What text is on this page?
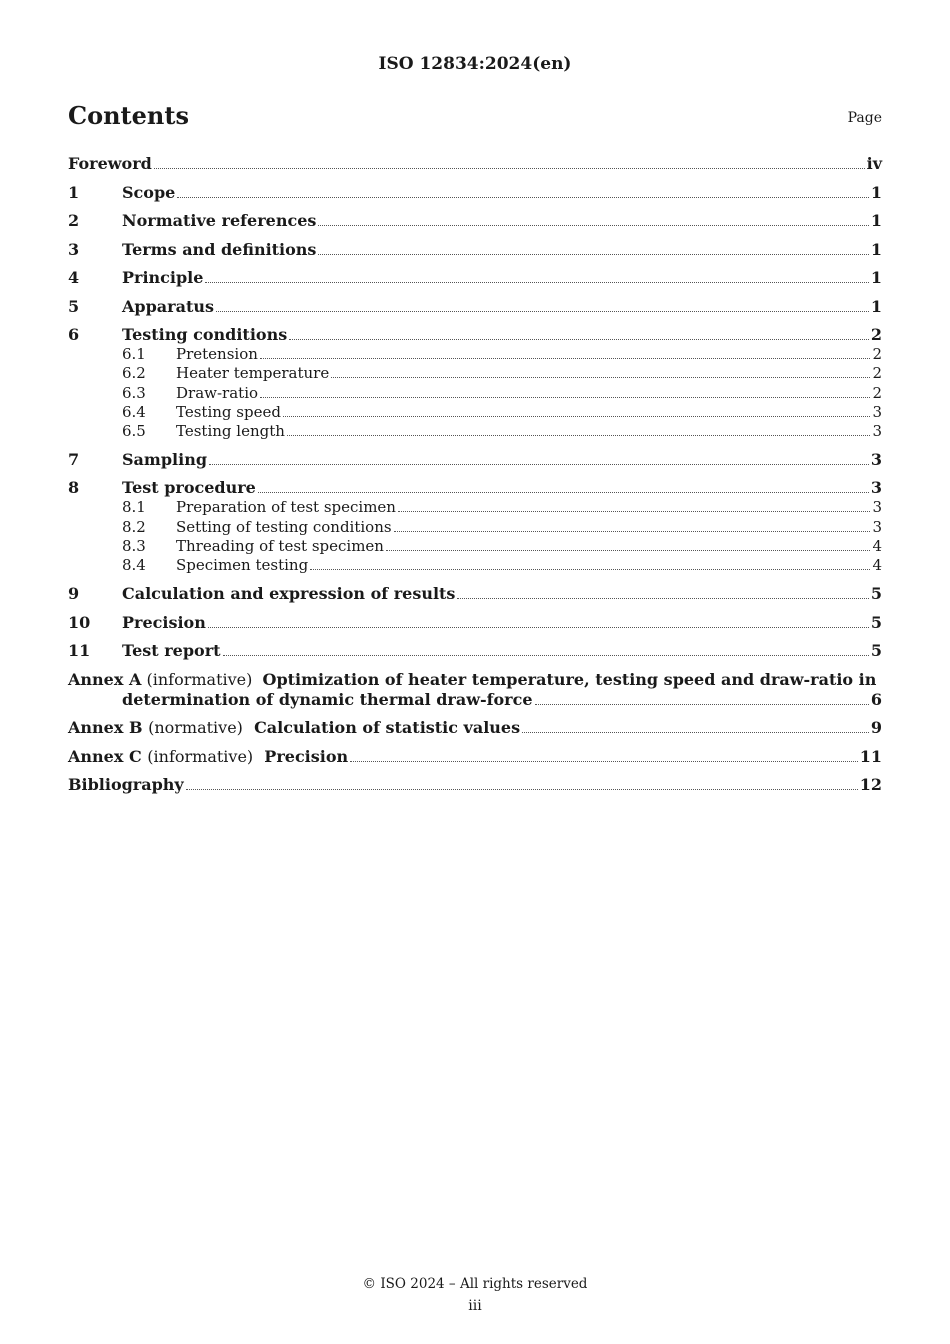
ISO 12834:2024(en)
Contents	Page
Foreword	iv
1	Scope	1
2	Normative references	1
3	Terms and definitions	1
4	Principle	1
5	Apparatus	1
6	Testing conditions	2
6.1	Pretension	2
6.2	Heater temperature	2
6.3	Draw-ratio	2
6.4	Testing speed	3
6.5	Testing length	3
7	Sampling	3
8	Test procedure	3
8.1	Preparation of test specimen	3
8.2	Setting of testing conditions	3
8.3	Threading of test specimen	4
8.4	Specimen testing	4
9	Calculation and expression of results	5
10	Precision	5
11	Test report	5
Annex A (informative) Optimization of heater temperature, testing speed and draw-ratio in
determination of dynamic thermal draw-force	6
Annex B (normative) Calculation of statistic values	9
Annex C (informative) Precision	11
Bibliography	12
© ISO 2024 – All rights reserved
iii
